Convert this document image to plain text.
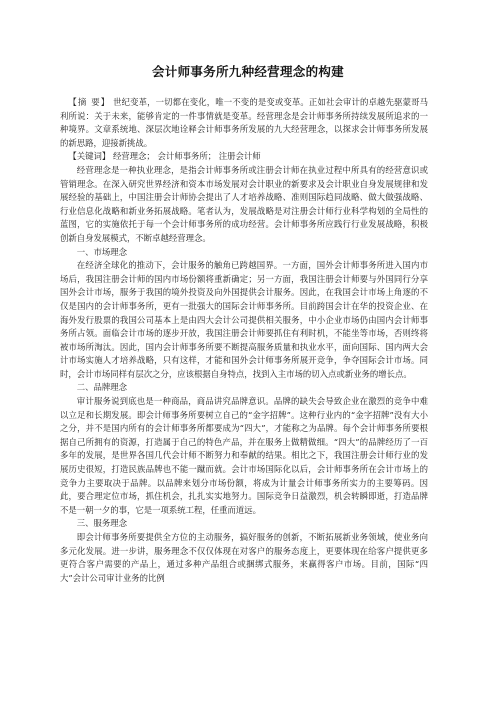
会计师事务所九种经营理念的构建

【摘 要】 世纪变革，一切都在变化，唯一不变的是变或变革。正如社会审计的卓越先驱蒙哥马利所说：关于未来，能够肯定的一件事情就是变革。经营理念是会计师事务所持续发展所追求的一种境界。文章系统地、深层次地诠释会计师事务所发展的九大经营理念，以探求会计师事务所发展的新思路，迎接新挑战。

【关键词】 经营理念； 会计师事务所； 注册会计师

经营理念是一种执业理念，是指会计师事务所或注册会计师在执业过程中所具有的经营意识或管销理念。在深入研究世界经济和资本市场发展对会计职业的新要求及会计职业自身发展规律和发展经验的基础上，中国注册会计师协会提出了人才培养战略、准则国际趋同战略、做大做强战略、行业信息化战略和新业务拓展战略。笔者认为，发展战略是对注册会计师行业科学构划的全局性的蓝图，它的实施依托于每一个会计师事务所的成功经营。会计师事务所应践行行业发展战略，积极创新自身发展模式，不断卓越经营理念。

一、市场理念

在经济全球化的推动下，会计服务的触角已跨越国界。一方面，国外会计师事务所进入国内市场后，我国注册会计师的国内市场份额将重新确定；另一方面，我国注册会计师要与外国同行分享国外会计市场，服务于我国的境外投资及向外国提供会计服务。因此，在我国会计市场上角逐的不仅是国内的会计师事务所，更有一批强大的国际会计师事务所。目前跨国会计在华的投资企业、在海外发行股票的我国公司基本上是由四大会计公司提供相关服务，中小企业市场仍由国内会计师事务所占领。面临会计市场的逐步开放，我国注册会计师要抓住有利时机，不能坐等市场，否则终将被市场所淘汰。因此，国内会计师事务所要不断提高服务质量和执业水平，面向国际、国内两大会计市场实施人才培养战略，只有这样，才能和国外会计师事务所展开竞争，争夺国际会计市场。同时，会计市场同样有层次之分，应该根据自身特点，找到入主市场的切入点或新业务的增长点。

二、品牌理念

审计服务说到底也是一种商品，商品讲究品牌意识。品牌的缺失会导致企业在激烈的竞争中难以立足和长期发展。即会计师事务所要树立自己的“金字招牌”。这种行业内的“金字招牌”没有大小之分，并不是国内所有的会计师事务所都要成为“四大”，才能称之为品牌。每个会计师事务所要根据自己所拥有的资源，打造属于自己的特色产品，并在服务上做精做细。“四大”的品牌经历了一百多年的发展，是世界各国几代会计师不断努力和奉献的结果。相比之下，我国注册会计师行业的发展历史很短，打造民族品牌也不能一蹴而就。会计市场国际化以后，会计师事务所在会计市场上的竞争力主要取决于品牌。以品牌来划分市场份额，将成为计量会计师事务所实力的主要筹码。因此，要合理定位市场，抓住机会，扎扎实实地努力。国际竞争日益激烈，机会转瞬即逝，打造品牌不是一朝一夕的事，它是一项系统工程，任重而道远。

三、服务理念

即会计师事务所要提供全方位的主动服务，搞好服务的创新，不断拓展新业务领域，使业务向多元化发展。进一步讲，服务理念不仅仅体现在对客户的服务态度上，更要体现在给客户提供更多更符合客户需要的产品上，通过多种产品组合或捆绑式服务，来赢得客户市场。目前，国际“四大”会计公司审计业务的比例
